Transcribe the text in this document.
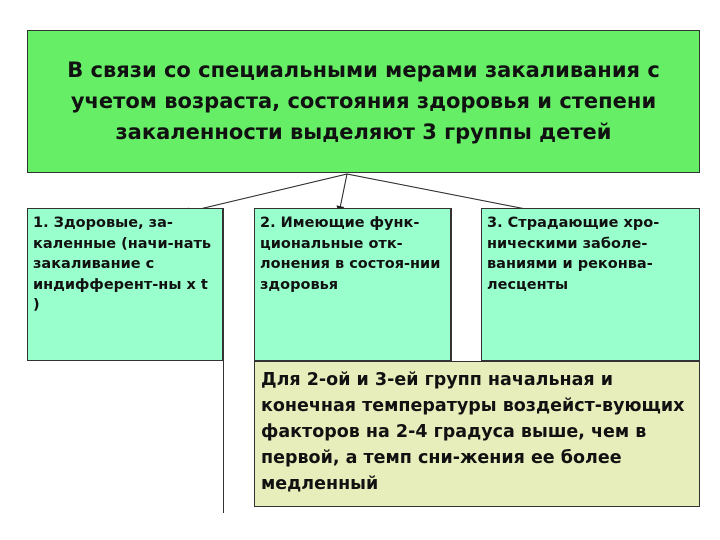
В связи со специальными мерами закаливания с учетом возраста, состояния здоровья и степени закаленности выделяют 3 группы детей
1. Здоровые, за-каленные (начи-нать закаливание с индифферент-ны х t )
2. Имеющие функ-циональные отк-лонения в состоя-нии здоровья
3. Страдающие хро-ническими заболе-ваниями и реконва-лесценты
Для 2-ой и 3-ей групп начальная и конечная температуры воздейст-вующих факторов на 2-4 градуса выше, чем в первой, а темп сни-жения ее более медленный
